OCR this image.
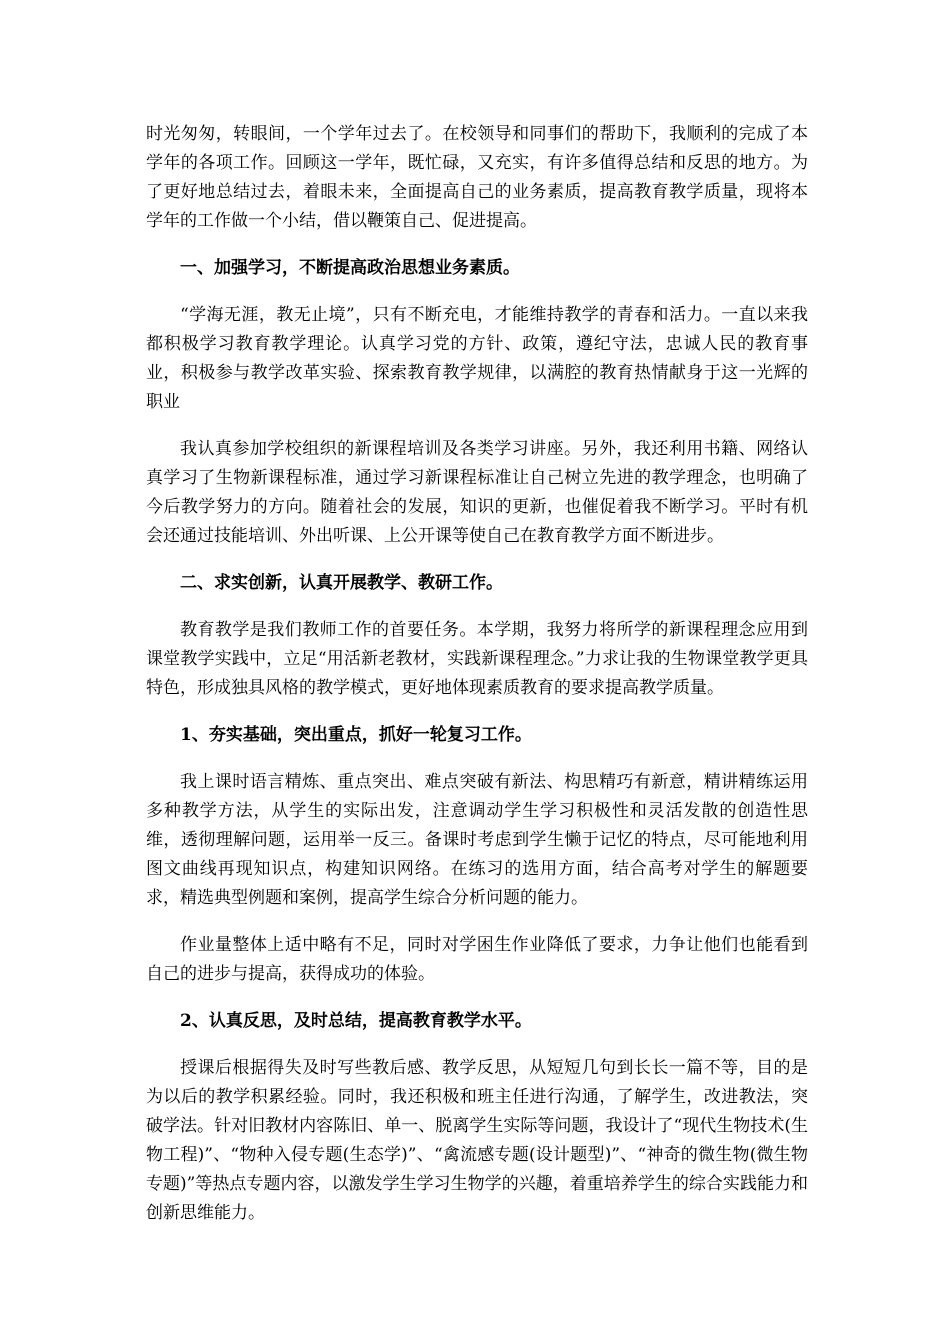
时光匆匆，转眼间，一个学年过去了。在校领导和同事们的帮助下，我顺利的完成了本学年的各项工作。回顾这一学年，既忙碌，又充实，有许多值得总结和反思的地方。为了更好地总结过去，着眼未来，全面提高自己的业务素质，提高教育教学质量，现将本学年的工作做一个小结，借以鞭策自己、促进提高。

一、加强学习，不断提高政治思想业务素质。

“学海无涯，教无止境”，只有不断充电，才能维持教学的青春和活力。一直以来我都积极学习教育教学理论。认真学习党的方针、政策，遵纪守法，忠诚人民的教育事业，积极参与教学改革实验、探索教育教学规律，以满腔的教育热情献身于这一光辉的职业

我认真参加学校组织的新课程培训及各类学习讲座。另外，我还利用书籍、网络认真学习了生物新课程标准，通过学习新课程标准让自己树立先进的教学理念，也明确了今后教学努力的方向。随着社会的发展，知识的更新，也催促着我不断学习。平时有机会还通过技能培训、外出听课、上公开课等使自己在教育教学方面不断进步。

二、求实创新，认真开展教学、教研工作。

教育教学是我们教师工作的首要任务。本学期，我努力将所学的新课程理念应用到课堂教学实践中，立足“用活新老教材，实践新课程理念。”力求让我的生物课堂教学更具特色，形成独具风格的教学模式，更好地体现素质教育的要求提高教学质量。

1、夯实基础，突出重点，抓好一轮复习工作。

我上课时语言精炼、重点突出、难点突破有新法、构思精巧有新意，精讲精练运用多种教学方法，从学生的实际出发，注意调动学生学习积极性和灵活发散的创造性思维，透彻理解问题，运用举一反三。备课时考虑到学生懒于记忆的特点，尽可能地利用图文曲线再现知识点，构建知识网络。在练习的选用方面，结合高考对学生的解题要求，精选典型例题和案例，提高学生综合分析问题的能力。

作业量整体上适中略有不足，同时对学困生作业降低了要求，力争让他们也能看到自己的进步与提高，获得成功的体验。

2、认真反思，及时总结，提高教育教学水平。

授课后根据得失及时写些教后感、教学反思，从短短几句到长长一篇不等，目的是为以后的教学积累经验。同时，我还积极和班主任进行沟通，了解学生，改进教法，突破学法。针对旧教材内容陈旧、单一、脱离学生实际等问题，我设计了“现代生物技术(生物工程)”、“物种入侵专题(生态学)”、“禽流感专题(设计题型)”、“神奇的微生物(微生物专题)”等热点专题内容，以激发学生学习生物学的兴趣，着重培养学生的综合实践能力和创新思维能力。
